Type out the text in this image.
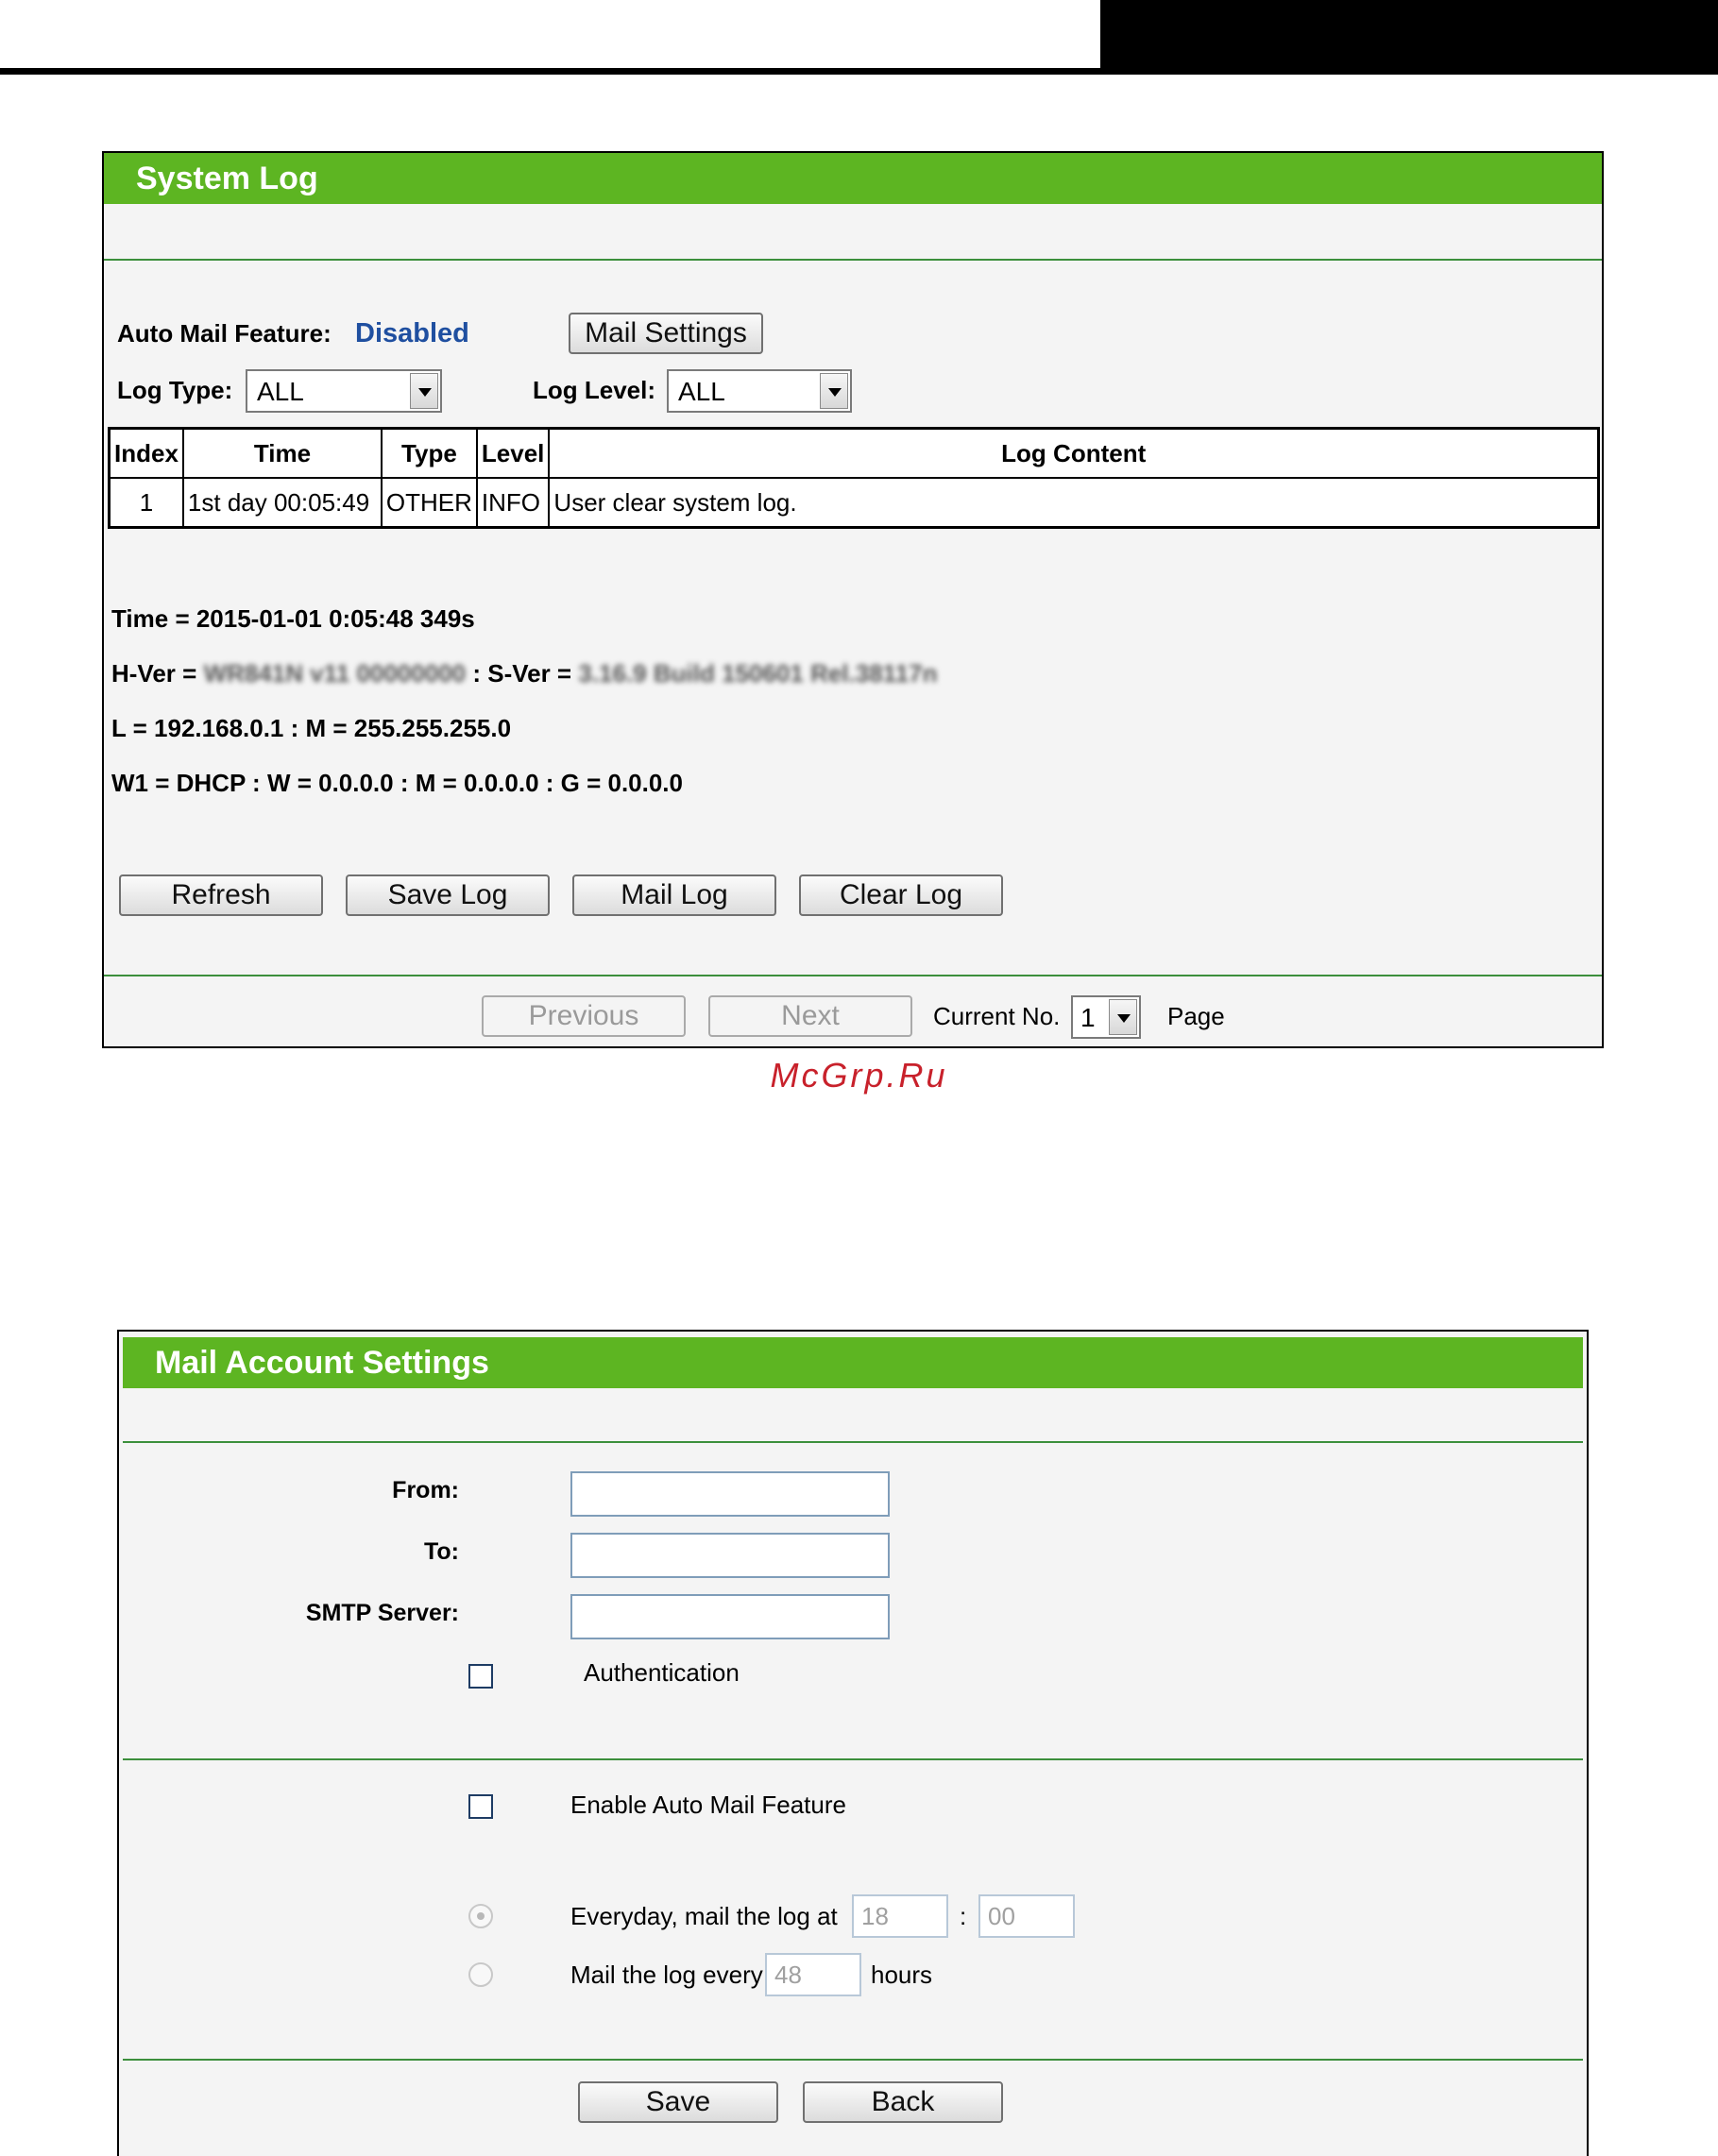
System Log
Auto Mail Feature: Disabled	Mail Settings
Log Type: ALL	Log Level: ALL
Index	Time	Type	Level	Log Content
1	1st day 00:05:49	OTHER	INFO	User clear system log.
Time = 2015-01-01 0:05:48 349s
H-Ver = WR841N v11 00000000 : S-Ver = 3.16.9 Build 150601 Rel.38117n
L = 192.168.0.1 : M = 255.255.255.0
W1 = DHCP : W = 0.0.0.0 : M = 0.0.0.0 : G = 0.0.0.0
Refresh	Save Log	Mail Log	Clear Log
Previous	Next	Current No. 1	Page
McGrp.Ru
Mail Account Settings
From:
To:
SMTP Server:
Authentication
Enable Auto Mail Feature
Everyday, mail the log at 18	: 00
Mail the log every 48	hours
Save	Back
